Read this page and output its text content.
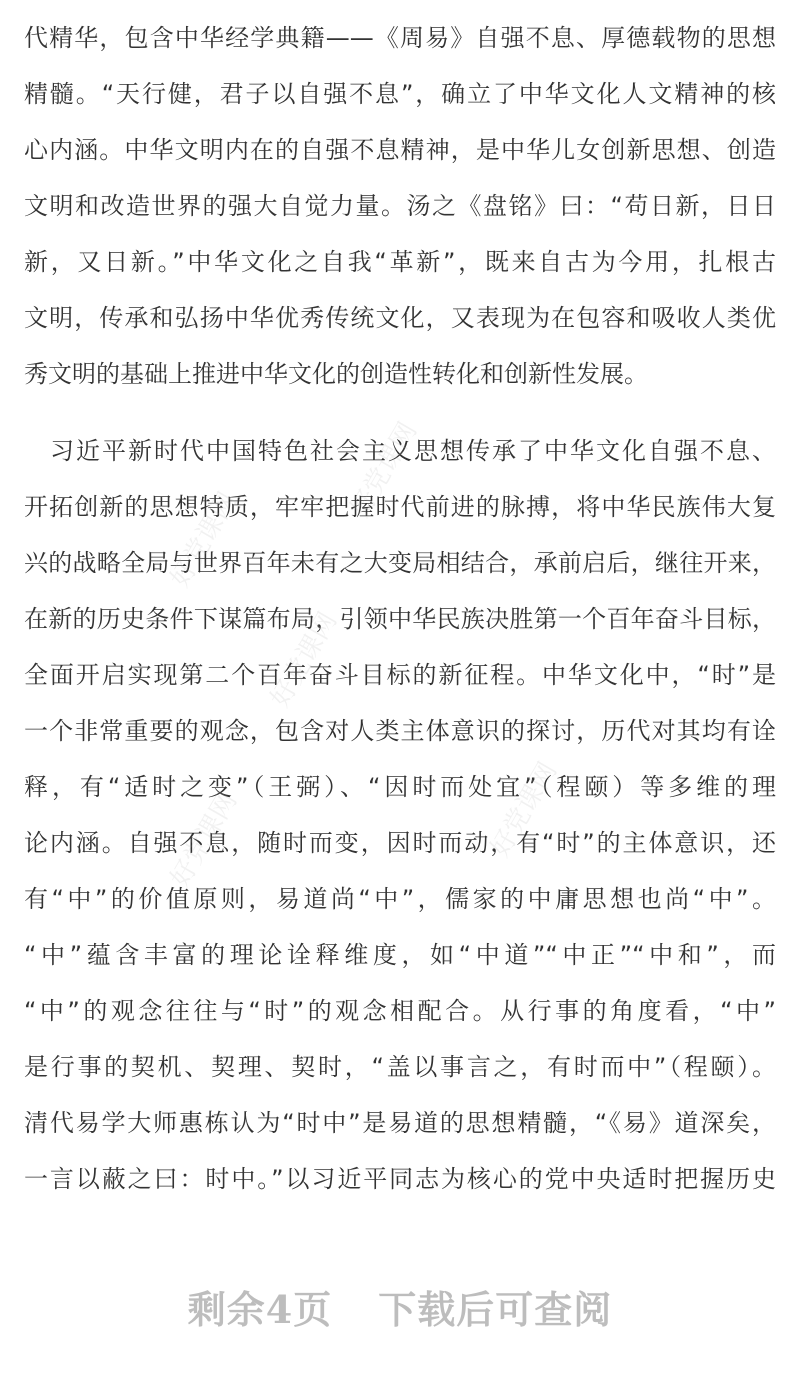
代精华，包含中华经学典籍——《周易》自强不息、厚德载物的思想
精髓。“天行健，君子以自强不息”，确立了中华文化人文精神的核
心内涵。中华文明内在的自强不息精神，是中华儿女创新思想、创造
文明和改造世界的强大自觉力量。汤之《盘铭》曰：“苟日新，日日
新，又日新。”中华文化之自我“革新”，既来自古为今用，扎根古
文明，传承和弘扬中华优秀传统文化，又表现为在包容和吸收人类优
秀文明的基础上推进中华文化的创造性转化和创新性发展。
　习近平新时代中国特色社会主义思想传承了中华文化自强不息、
开拓创新的思想特质，牢牢把握时代前进的脉搏，将中华民族伟大复
兴的战略全局与世界百年未有之大变局相结合，承前启后，继往开来，
在新的历史条件下谋篇布局，引领中华民族决胜第一个百年奋斗目标，
全面开启实现第二个百年奋斗目标的新征程。中华文化中，“时”是
一个非常重要的观念，包含对人类主体意识的探讨，历代对其均有诠
释，有“适时之变”（王弼）、“因时而处宜”（程颐）等多维的理
论内涵。自强不息，随时而变，因时而动，有“时”的主体意识，还
有“中”的价值原则，易道尚“中”，儒家的中庸思想也尚“中”。
“中”蕴含丰富的理论诠释维度，如“中道”“中正”“中和”，而
“中”的观念往往与“时”的观念相配合。从行事的角度看，“中”
是行事的契机、契理、契时，“盖以事言之，有时而中”（程颐）。
清代易学大师惠栋认为“时中”是易道的思想精髓，“《易》道深矣，
一言以蔽之曰：时中。”以习近平同志为核心的党中央适时把握历史
好党课网
好党课网
好党课网
好党课网	好党课网
剩余4页 下载后可查阅
